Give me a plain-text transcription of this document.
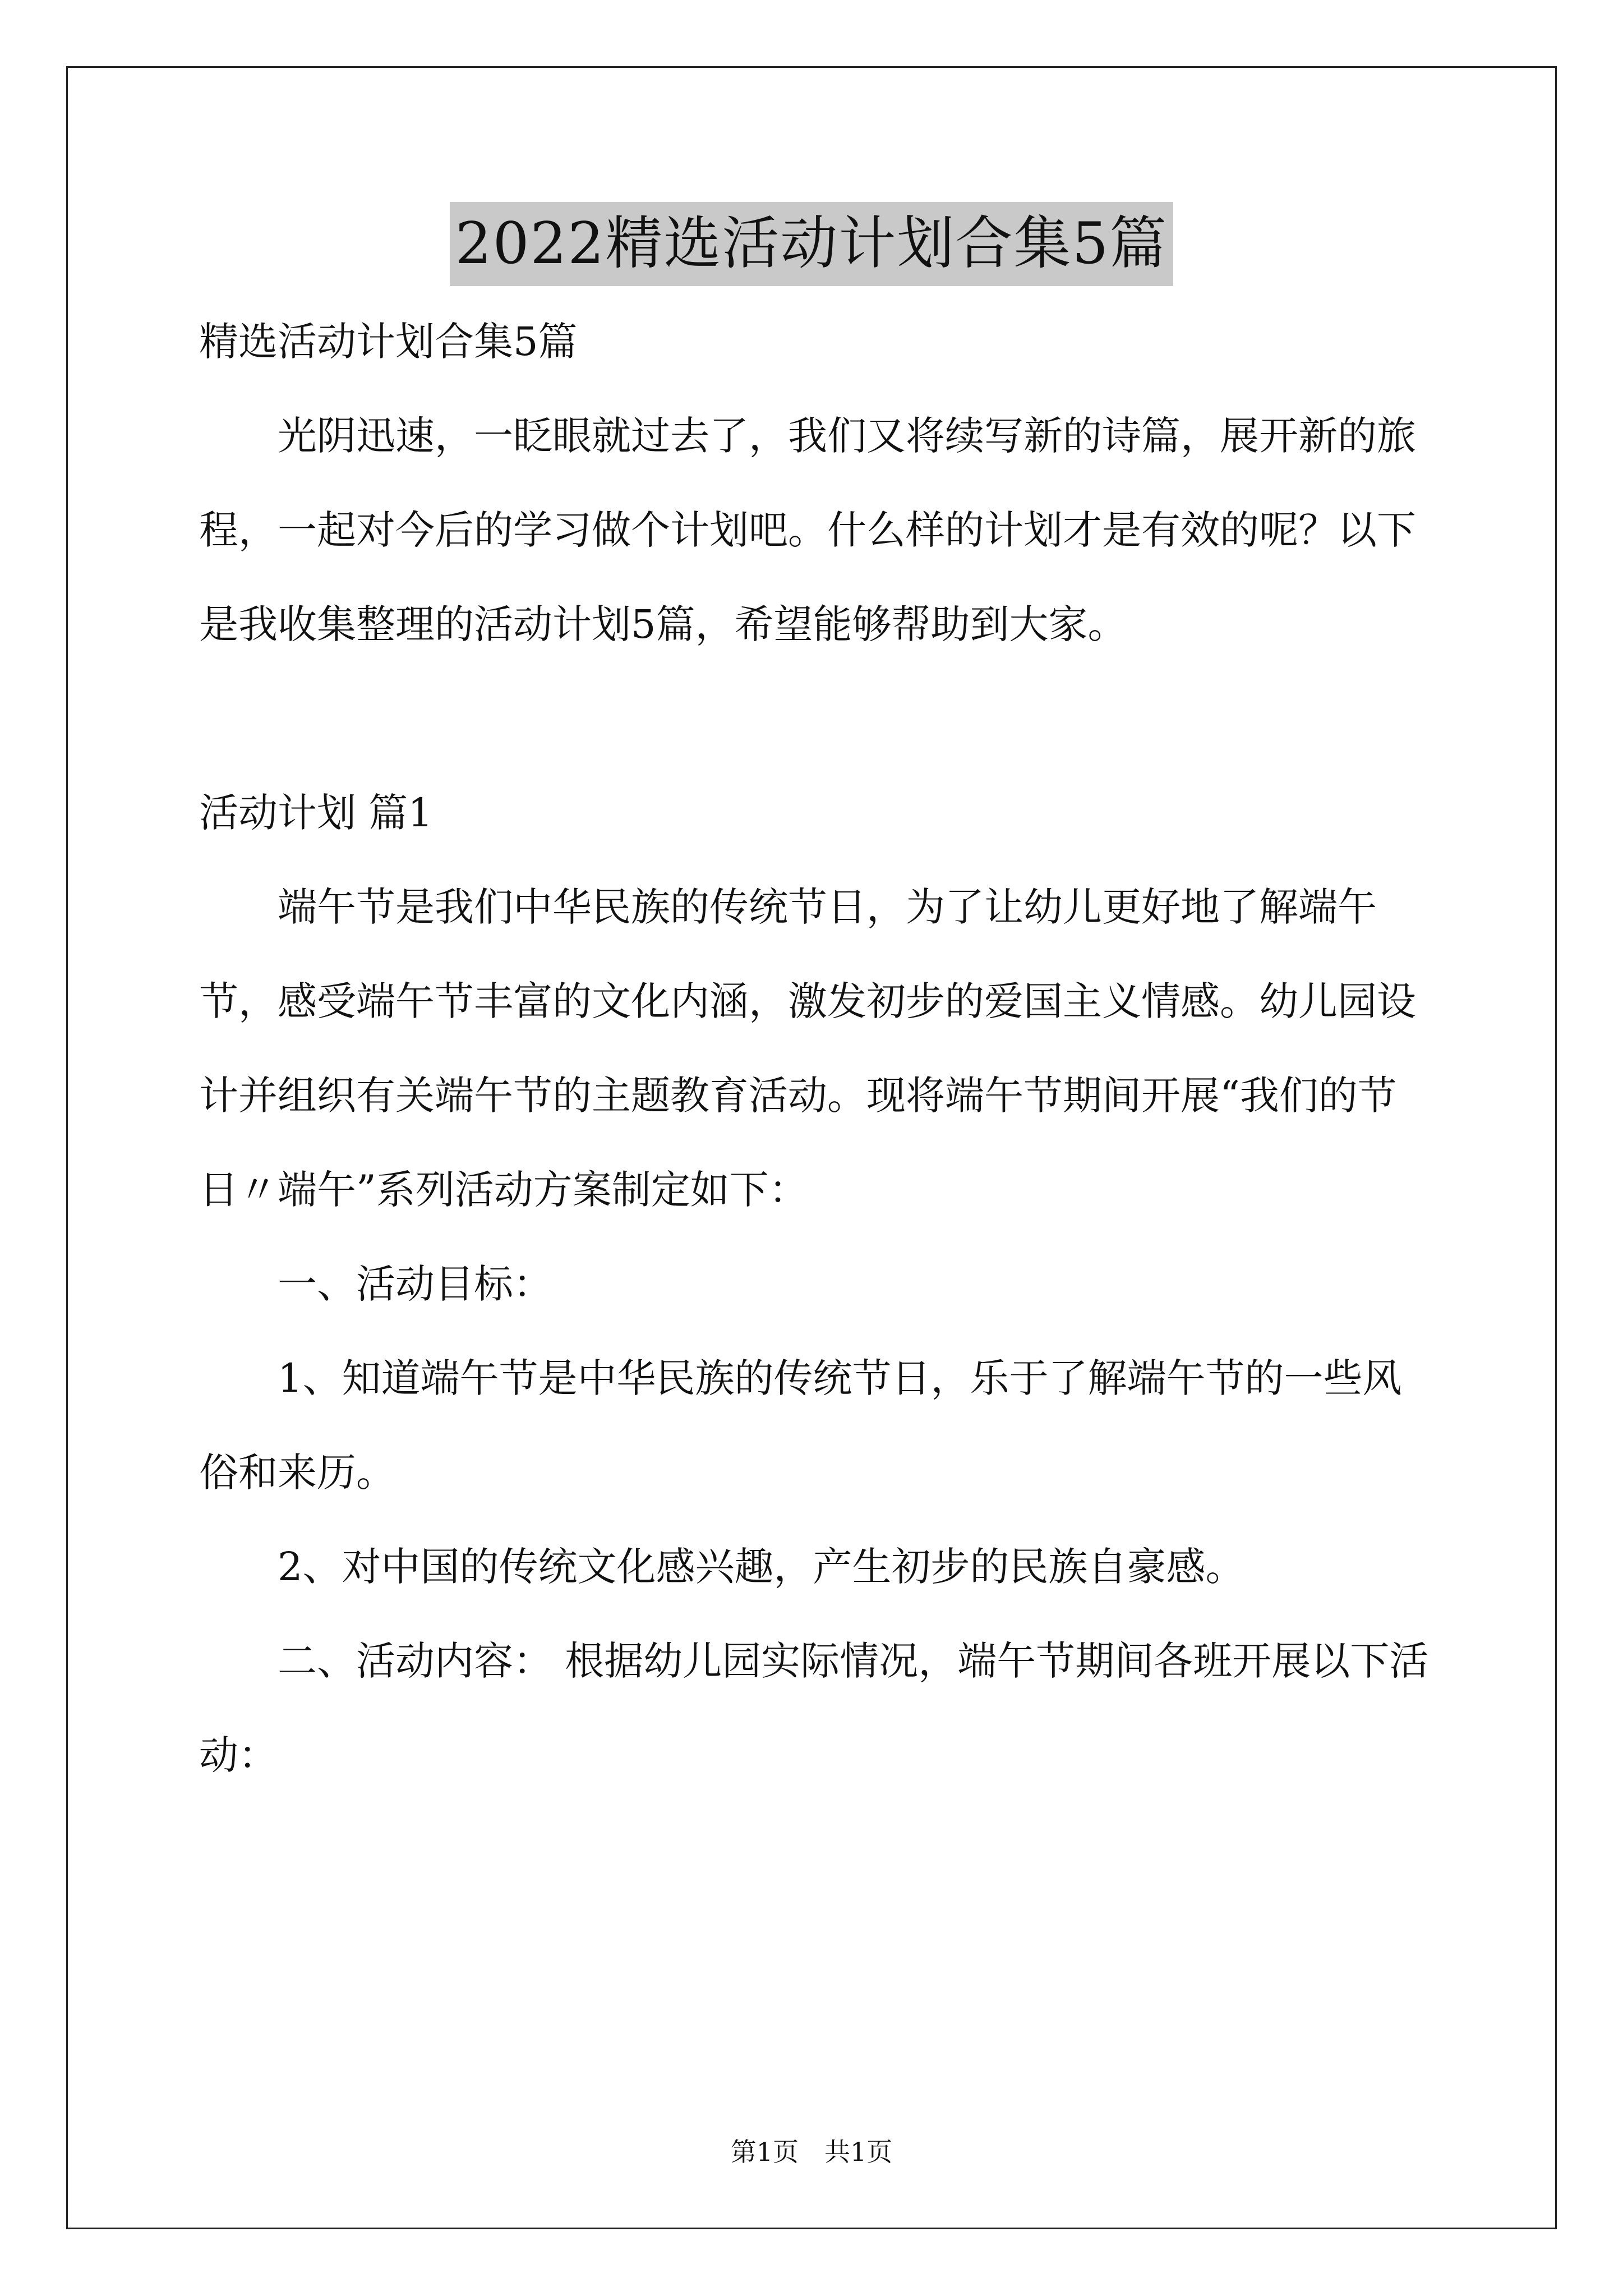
2022精选活动计划合集5篇

精选活动计划合集5篇

光阴迅速，一眨眼就过去了，我们又将续写新的诗篇，展开新的旅程，一起对今后的学习做个计划吧。什么样的计划才是有效的呢？以下是我收集整理的活动计划5篇，希望能够帮助到大家。

活动计划 篇1

端午节是我们中华民族的传统节日，为了让幼儿更好地了解端午节，感受端午节丰富的文化内涵，激发初步的爱国主义情感。幼儿园设计并组织有关端午节的主题教育活动。现将端午节期间开展“我们的节日〃端午”系列活动方案制定如下：

一、活动目标：

1、知道端午节是中华民族的传统节日，乐于了解端午节的一些风俗和来历。

2、对中国的传统文化感兴趣，产生初步的民族自豪感。

二、活动内容： 根据幼儿园实际情况，端午节期间各班开展以下活动：

第1页 共1页
